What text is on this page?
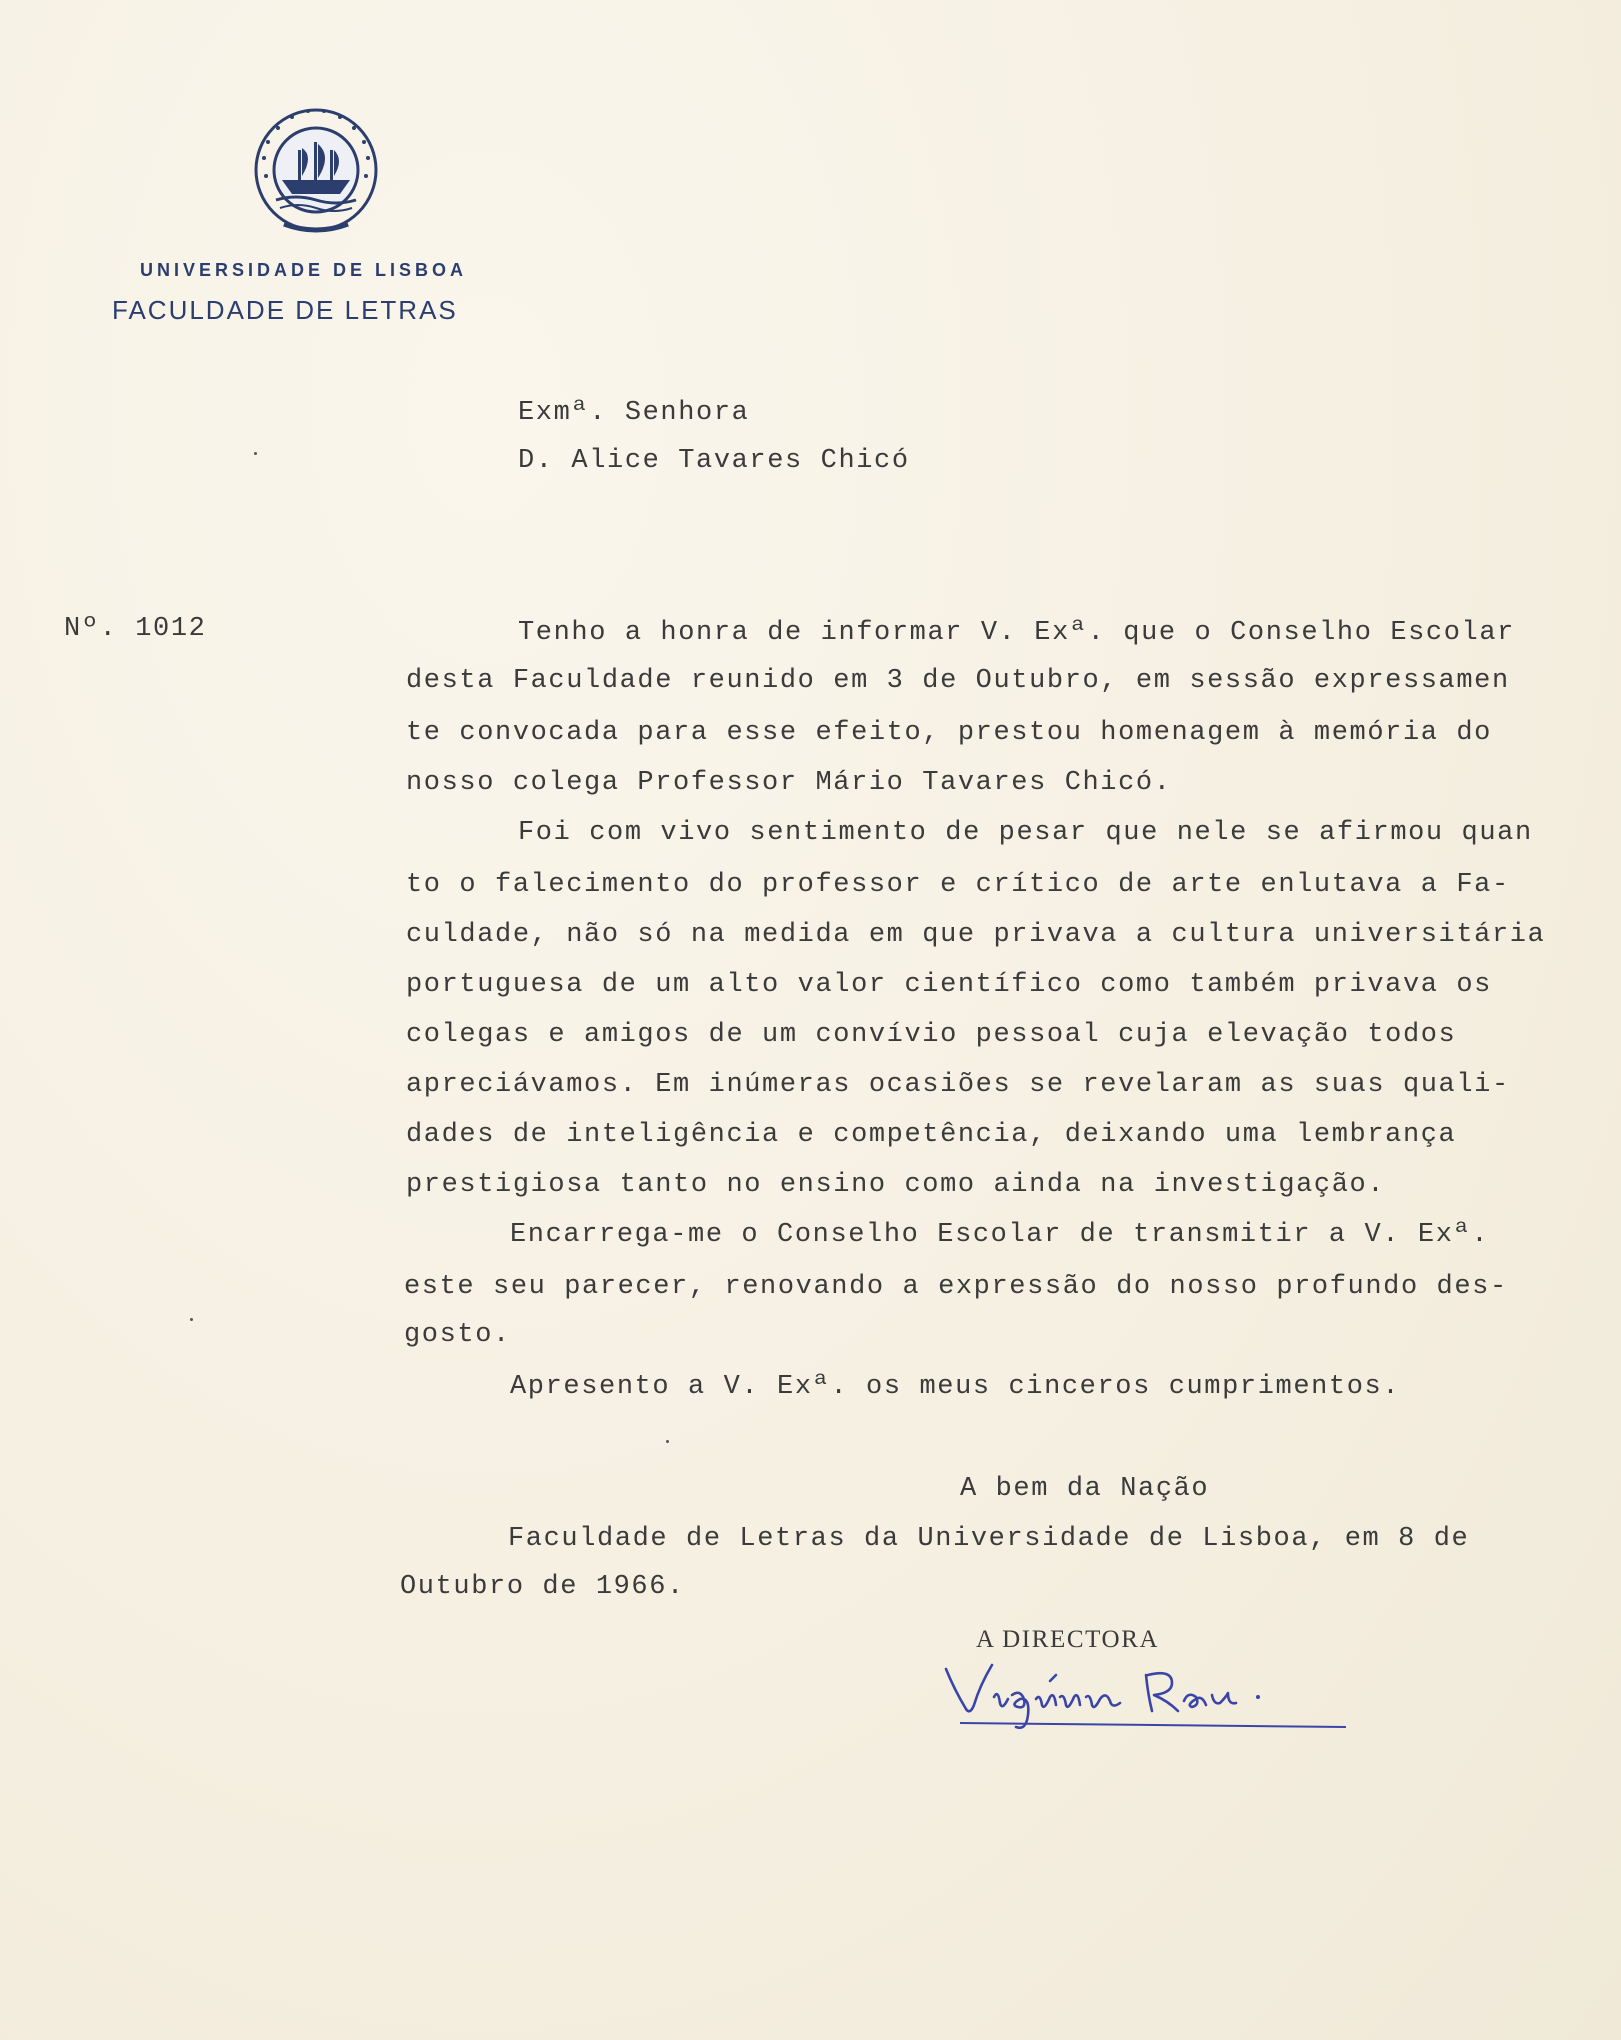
UNIVERSIDADE DE LISBOA
FACULDADE DE LETRAS
Exmª. Senhora
D. Alice Tavares Chicó
Nº. 1012	Tenho a honra de informar V. Exª. que o Conselho Escolar
desta Faculdade reunido em 3 de Outubro, em sessão expressamen
te convocada para esse efeito, prestou homenagem à memória do
nosso colega Professor Mário Tavares Chicó.
Foi com vivo sentimento de pesar que nele se afirmou quan
to o falecimento do professor e crítico de arte enlutava a Fa-
culdade, não só na medida em que privava a cultura universitária
portuguesa de um alto valor científico como também privava os
colegas e amigos de um convívio pessoal cuja elevação todos
apreciávamos. Em inúmeras ocasiões se revelaram as suas quali-
dades de inteligência e competência, deixando uma lembrança
prestigiosa tanto no ensino como ainda na investigação.
Encarrega-me o Conselho Escolar de transmitir a V. Exª.
este seu parecer, renovando a expressão do nosso profundo des-
gosto.
Apresento a V. Exª. os meus cinceros cumprimentos.
A bem da Nação
Faculdade de Letras da Universidade de Lisboa, em 8 de
Outubro de 1966.
A DIRECTORA
